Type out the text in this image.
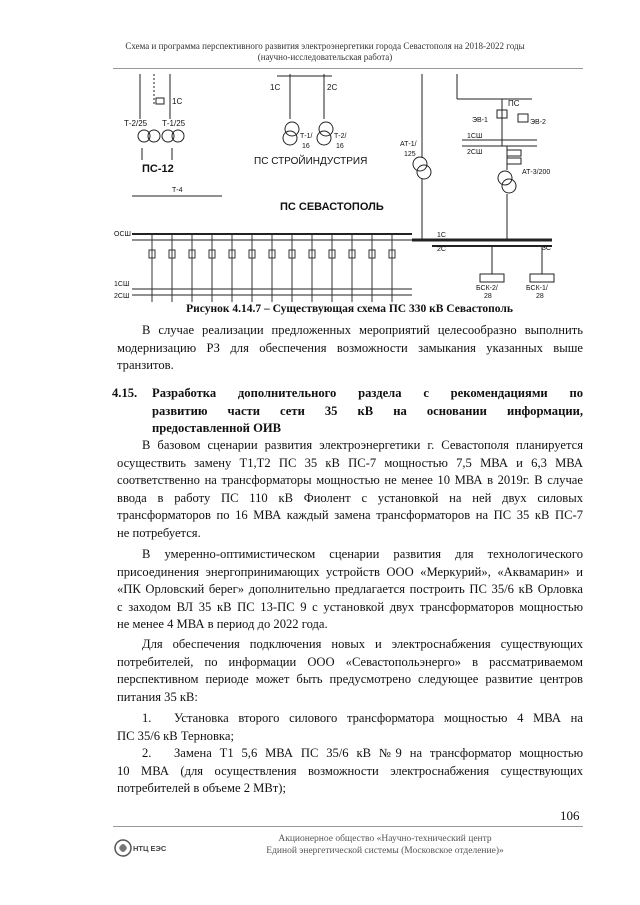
Схема и программа перспективного развития электроэнергетики города Севастополя на 2018-2022 годы
(научно-исследовательская работа)
Т-2/25 Т-1/25
1С
ПС-12
1С	2С
Т-1/	Т-2/
16	16
ПС СТРОЙИНДУСТРИЯ
АТ-1/
125
ПС
ЭВ-1	ЭВ-2
1СШ
2СШ
АТ-3/200
ПС СЕВАСТОПОЛЬ
Т-4
ОСШ
1СШ
2СШ
1С
2С	3С
БСК-2/
28
БСК-1/
28
Рисунок 4.14.7 – Существующая схема ПС 330 кВ Севастополь
В случае реализации предложенных мероприятий целесообразно выполнить
модернизацию РЗ для обеспечения возможности замыкания указанных выше
транзитов.
4.15. Разработка дополнительного раздела с рекомендациями по
развитию части сети 35 кВ на основании информации,
предоставленной ОИВ
В базовом сценарии развития электроэнергетики г. Севастополя планируется
осуществить замену Т1,Т2 ПС 35 кВ ПС-7 мощностью 7,5 МВА и 6,3 МВА
соответственно на трансформаторы мощностью не менее 10 МВА в 2019г. В случае
ввода в работу ПС 110 кВ Фиолент с установкой на ней двух силовых
трансформаторов по 16 МВА каждый замена трансформаторов на ПС 35 кВ ПС-7
не потребуется.
В умеренно-оптимистическом сценарии развития для технологического
присоединения энергопринимающих устройств ООО «Меркурий», «Аквамарин» и
«ПК Орловский берег» дополнительно предлагается построить ПС 35/6 кВ Орловка
с заходом ВЛ 35 кВ ПС 13-ПС 9 с установкой двух трансформаторов мощностью
не менее 4 МВА в период до 2022 года.
Для обеспечения подключения новых и электроснабжения существующих
потребителей, по информации ООО «Севастопольэнерго» в рассматриваемом
перспективном периоде может быть предусмотрено следующее развитие центров
питания 35 кВ:
1. Установка второго силового трансформатора мощностью 4 МВА на
ПС 35/6 кВ Терновка;
2. Замена Т1 5,6 МВА ПС 35/6 кВ №9 на трансформатор мощностью
10 МВА (для осуществления возможности электроснабжения существующих
потребителей в объеме 2 МВт);
106
НТЦ ЕЭС
Акционерное общество «Научно-технический центр
Единой энергетической системы (Московское отделение)»
